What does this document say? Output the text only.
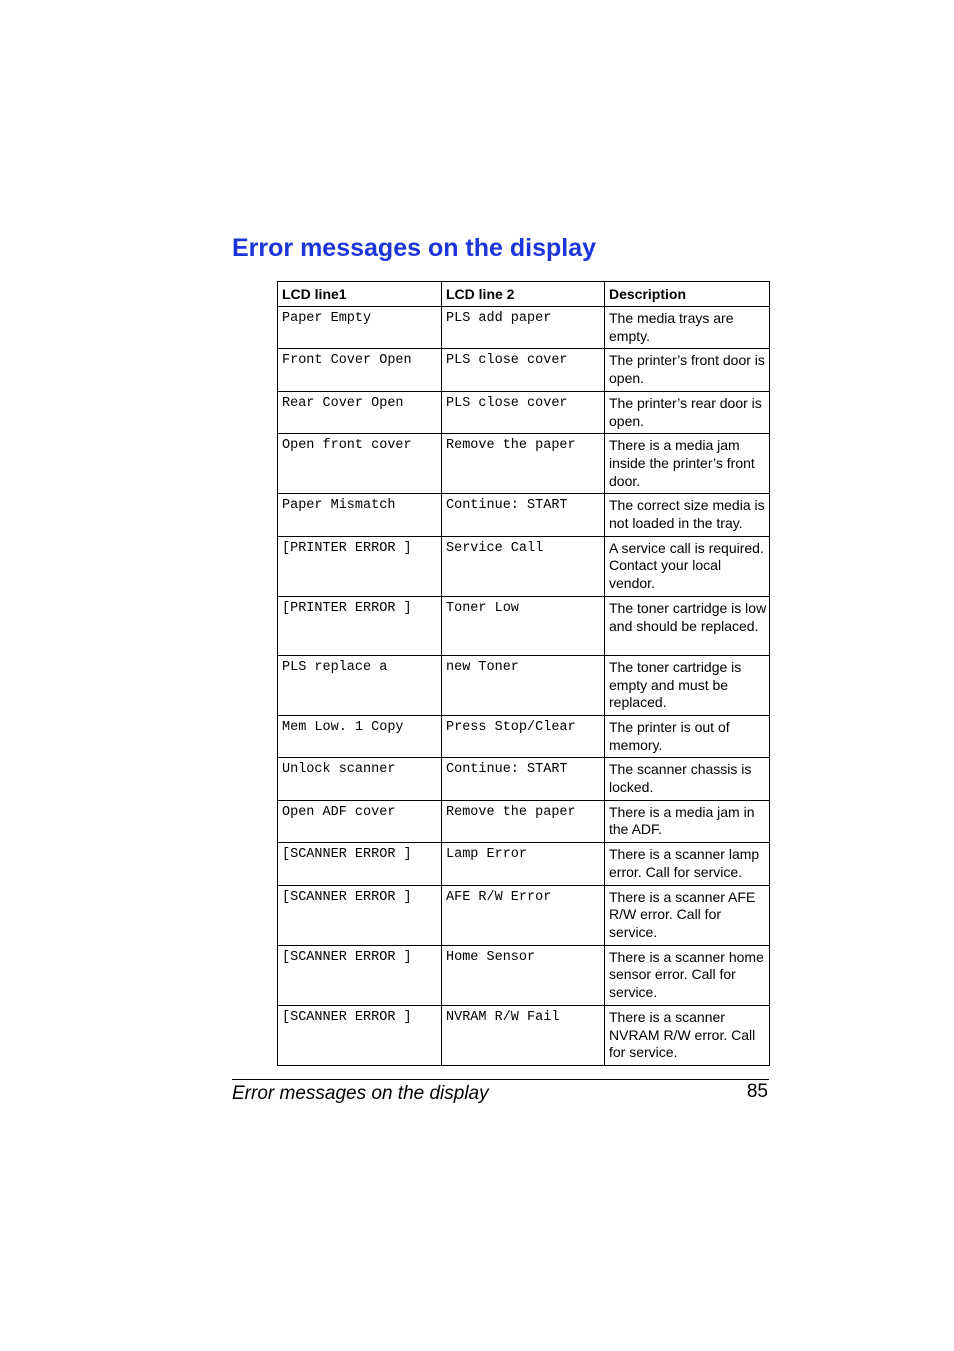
Error messages on the display
LCD line1	LCD line 2	Description
Paper Empty	PLS add paper	The media trays are empty.
Front Cover Open	PLS close cover	The printer’s front door is open.
Rear Cover Open	PLS close cover	The printer’s rear door is open.
Open front cover	Remove the paper	There is a media jam inside the printer’s front door.
Paper Mismatch	Continue: START	The correct size media is not loaded in the tray.
[PRINTER ERROR ]	Service Call	A service call is required. Contact your local vendor.
[PRINTER ERROR ]	Toner Low	The toner cartridge is low and should be replaced.
PLS replace a	new Toner	The toner cartridge is empty and must be replaced.
Mem Low. 1 Copy	Press Stop/Clear	The printer is out of memory.
Unlock scanner	Continue: START	The scanner chassis is locked.
Open ADF cover	Remove the paper	There is a media jam in the ADF.
[SCANNER ERROR ]	Lamp Error	There is a scanner lamp error. Call for service.
[SCANNER ERROR ]	AFE R/W Error	There is a scanner AFE R/W error. Call for service.
[SCANNER ERROR ]	Home Sensor	There is a scanner home sensor error. Call for service.
[SCANNER ERROR ]	NVRAM R/W Fail	There is a scanner NVRAM R/W error. Call for service.
Error messages on the display	85
